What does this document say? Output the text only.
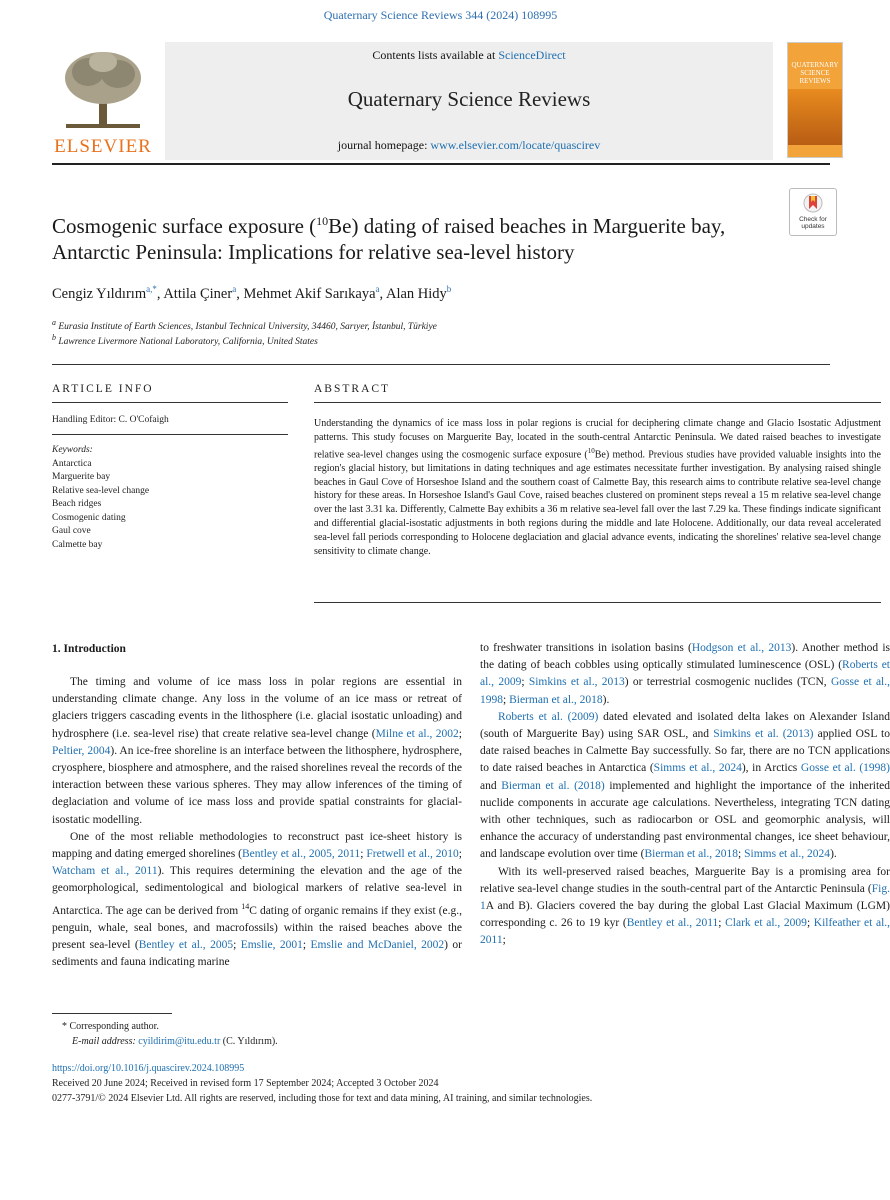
Quaternary Science Reviews 344 (2024) 108995
ELSEVIER
Contents lists available at ScienceDirect
Quaternary Science Reviews
journal homepage: www.elsevier.com/locate/quascirev
QUATERNARY SCIENCE REVIEWS
Cosmogenic surface exposure ($^{10}$Be) dating of raised beaches in Marguerite bay, Antarctic Peninsula: Implications for relative sea-level history
Check for updates
Cengiz Yıldırım$^{a,*}$, Attila Çiner$^a$, Mehmet Akif Sarıkaya$^a$, Alan Hidy$^b$
$^a$ Eurasia Institute of Earth Sciences, Istanbul Technical University, 34460, Sarıyer, İstanbul, Türkiye
$^b$ Lawrence Livermore National Laboratory, California, United States
ARTICLE INFO
Handling Editor: C. O'Cofaigh
Keywords:
Antarctica
Marguerite bay
Relative sea-level change
Beach ridges
Cosmogenic dating
Gaul cove
Calmette bay
ABSTRACT
Understanding the dynamics of ice mass loss in polar regions is crucial for deciphering climate change and Glacio Isostatic Adjustment patterns. This study focuses on Marguerite Bay, located in the south-central Antarctic Peninsula. We dated raised beaches to investigate relative sea-level changes using the cosmogenic surface exposure ($^{10}$Be) method. Previous studies have provided valuable insights into the region's glacial history, but limitations in dating techniques and age estimates necessitate further investigation. By analysing raised shingle beaches in Gaul Cove of Horseshoe Island and the southern coast of Calmette Bay, this research aims to contribute relative sea-level change history for these areas. In Horseshoe Island's Gaul Cove, raised beaches clustered on prominent steps reveal a 15 m relative sea-level change over the last 3.31 ka. Differently, Calmette Bay exhibits a 36 m relative sea-level fall over the last 7.29 ka. These findings indicate significant and differential glacial-isostatic adjustments in both regions during the middle and late Holocene. Additionally, our data reveal accelerated sea-level fall periods corresponding to Holocene deglaciation and glacial advance events, indicating the shorelines' relative sea-level change sensitivity to climate change.
1. Introduction

The timing and volume of ice mass loss in polar regions are essential in understanding climate change. Any loss in the volume of an ice mass or retreat of glaciers triggers cascading events in the lithosphere (i.e. glacial isostatic unloading) and hydrosphere (i.e. sea-level rise) that create relative sea-level change (Milne et al., 2002; Peltier, 2004). An ice-free shoreline is an interface between the lithosphere, hydrosphere, cryosphere, biosphere and atmosphere, and the raised shorelines reveal the records of the interaction between these various spheres. They may allow inferences of the timing of deglaciation and volume of ice mass loss and provide spatial constraints for glacial-isostatic modelling.

One of the most reliable methodologies to reconstruct past ice-sheet history is mapping and dating emerged shorelines (Bentley et al., 2005, 2011; Fretwell et al., 2010; Watcham et al., 2011). This requires determining the elevation and the age of the geomorphological, sedimentological and biological markers of relative sea-level in Antarctica. The age can be derived from $^{14}$C dating of organic remains if they exist (e.g., penguin, whale, seal bones, and macrofossils) within the raised beaches above the present sea-level (Bentley et al., 2005; Emslie, 2001; Emslie and McDaniel, 2002) or sediments and fauna indicating marine

to freshwater transitions in isolation basins (Hodgson et al., 2013). Another method is the dating of beach cobbles using optically stimulated luminescence (OSL) (Roberts et al., 2009; Simkins et al., 2013) or terrestrial cosmogenic nuclides (TCN, Gosse et al., 1998; Bierman et al., 2018).

Roberts et al. (2009) dated elevated and isolated delta lakes on Alexander Island (south of Marguerite Bay) using SAR OSL, and Simkins et al. (2013) applied OSL to date raised beaches in Calmette Bay successfully. So far, there are no TCN applications to date raised beaches in Antarctica (Simms et al., 2024), in Arctics Gosse et al. (1998) and Bierman et al. (2018) implemented and highlight the importance of the inherited nuclide components in accurate age calculations. Nevertheless, integrating TCN dating with other techniques, such as radiocarbon or OSL and geomorphic analysis, will enhance the accuracy of understanding past environmental changes, ice sheet behaviour, and landscape evolution over time (Bierman et al., 2018; Simms et al., 2024).

With its well-preserved raised beaches, Marguerite Bay is a promising area for relative sea-level change studies in the south-central part of the Antarctic Peninsula (Fig. 1A and B). Glaciers covered the bay during the global Last Glacial Maximum (LGM) corresponding c. 26 to 19 kyr (Bentley et al., 2011; Clark et al., 2009; Kilfeather et al., 2011;

* Corresponding author.
E-mail address: cyildirim@itu.edu.tr (C. Yıldırım).
https://doi.org/10.1016/j.quascirev.2024.108995
Received 20 June 2024; Received in revised form 17 September 2024; Accepted 3 October 2024
0277-3791/© 2024 Elsevier Ltd. All rights are reserved, including those for text and data mining, AI training, and similar technologies.
